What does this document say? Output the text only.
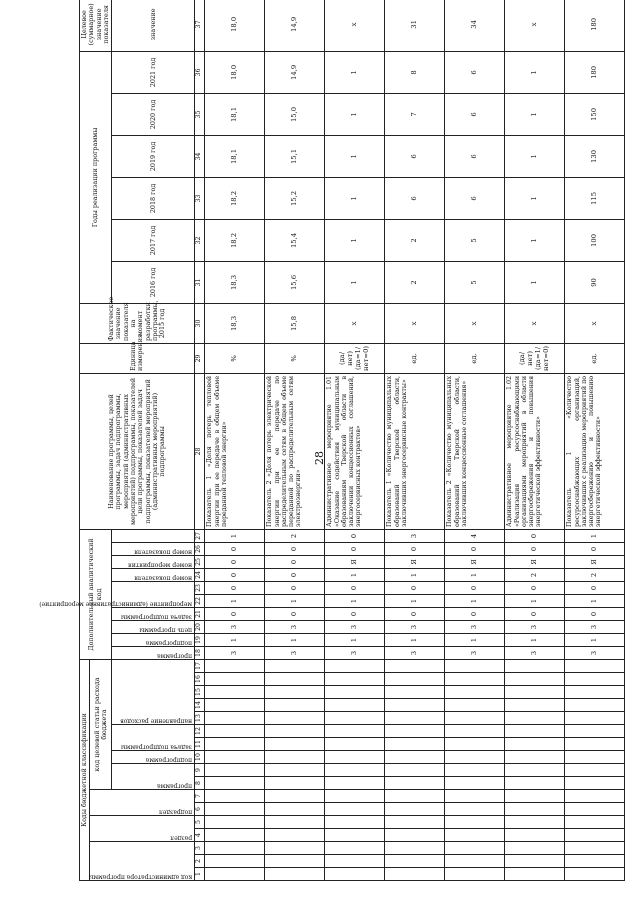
28
Коды бюджетной классификации																	Дополнительный аналитический код										Наименование программы, целей программы, задач подпрограммы, мероприятий (административных мероприятий) подпрограммы, показателей цели программы, показателей задач подпрограммы, показателей мероприятий (административных мероприятий) подпрограммы	Единица измерения	Фактическое значение показателя на момент разработки программы, 2015 год	Годы реализации программы						Целевое (суммарное) значение показателя
код администратора программы			раздел		подраздел		код целевой статьи расхода бюджета																													
							программа		подпрограмма	задача подпрограммы		направление расходов					программа	подпрограмма	цель программы	задача подпрограммы	мероприятие (административное мероприятие)		номер показателя	номер мероприятия	номер показателя					2016 год	2017 год	2018 год	2019 год	2020 год	2021 год	значение
1	2	3	4	5	6	7	8	9	10	11	12	13	14	15	16	17	18	19	20	21	22	23	24	25	26	27	28	29	30	31	32	33	34	35	36	37
																	3	1	3	0	1	0	0	0	0	1	Показатель 1 «Доля потерь тепловой энергии при ее передаче в общем объеме переданной тепловой энергии»	%	18,3	18,3	18,2	18,2	18,1	18,1	18,0	18,0
																	3	1	3	0	1	0	0	0	0	2	Показатель 2 «Доля потерь электрической энергии при ее передаче по распределительным сетям в общем объеме переданной по распределительным сетям электроэнергии»	%	15,8	15,6	15,4	15,2	15,1	15,0	14,9	14,9
																	3	1	3	0	1	0	1	Я	0	0	Административное мероприятие 1.01 «Оказание содействия муниципальным образованиям Тверской области в заключении концессионных соглашений, энергосервисных контрактов»	(да/нет) (да=1/ нет=0)	х	1	1	1	1	1	1	х
																	3	1	3	0	1	0	1	Я	0	3	Показатель 1 «Количество муниципальных образований Тверской области, заключивших энергосервисные контракты»	ед.	х	2	2	6	6	7	8	31
																	3	1	3	0	1	0	1	Я	0	4	Показатель 2 «Количество муниципальных образований Тверской области, заключивших концессионные соглашения»	ед.	х	5	5	6	6	6	6	34
																	3	1	3	0	1	0	2	Я	0	0	Административное мероприятие 1.02 «Реализация ресурсоснабжающими организациями мероприятий в области энергосбережения и повышения энергетической эффективности»	(да/нет) (да=1/ нет=0)	х	1	1	1	1	1	1	х
																	3	1	3	0	1	0	2	Я	0	1	Показатель 1 «Количество ресурсоснабжающих организаций, заключивших с реализацию мероприятий по энергосбережению и повышению энергетической эффективности»	ед.	х	90	100	115	130	150	180	180
